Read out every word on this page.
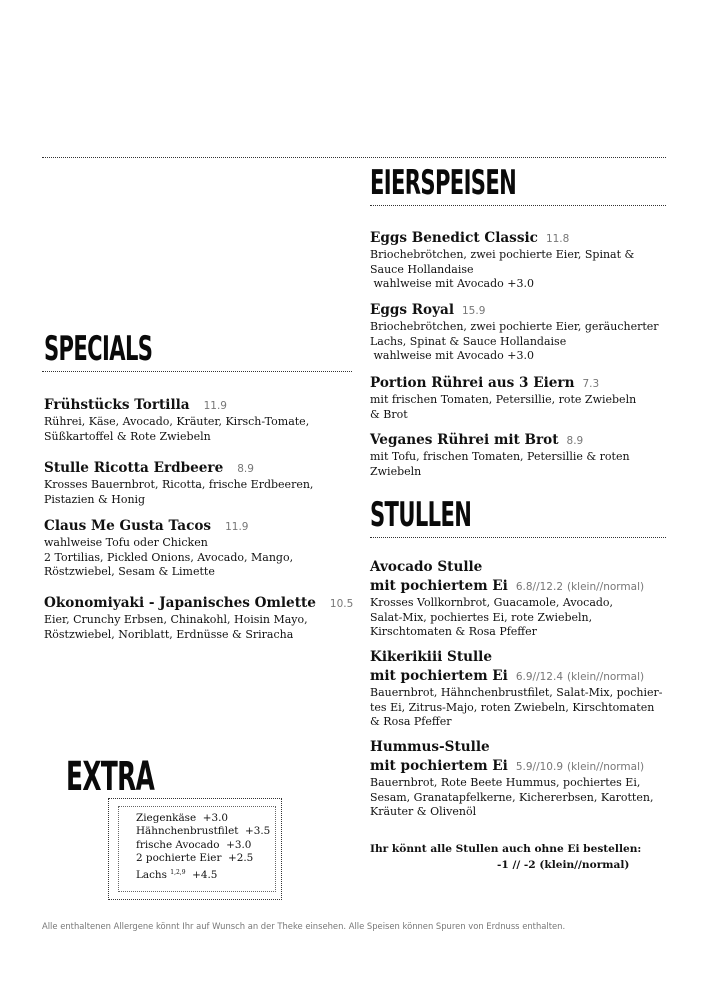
EIERSPEISEN
Eggs Benedict Classic 11.8
Briochebrötchen, zwei pochierte Eier, Spinat &
Sauce Hollandaise
wahlweise mit Avocado +3.0
Eggs Royal 15.9
Briochebrötchen, zwei pochierte Eier, geräucherter
Lachs, Spinat & Sauce Hollandaise
wahlweise mit Avocado +3.0
Portion Rührei aus 3 Eiern 7.3
mit frischen Tomaten, Petersillie, rote Zwiebeln
& Brot
Veganes Rührei mit Brot 8.9
mit Tofu, frischen Tomaten, Petersillie & roten
Zwiebeln
STULLEN
Avocado Stulle
mit pochiertem Ei 6.8//12.2 (klein//normal)
Krosses Vollkornbrot, Guacamole, Avocado,
Salat-Mix, pochiertes Ei, rote Zwiebeln,
Kirschtomaten & Rosa Pfeffer
Kikerikiii Stulle
mit pochiertem Ei 6.9//12.4 (klein//normal)
Bauernbrot, Hähnchenbrustfilet, Salat-Mix, pochier-
tes Ei, Zitrus-Majo, roten Zwiebeln, Kirschtomaten
& Rosa Pfeffer
Hummus-Stulle
mit pochiertem Ei 5.9//10.9 (klein//normal)
Bauernbrot, Rote Beete Hummus, pochiertes Ei,
Sesam, Granatapfelkerne, Kichererbsen, Karotten,
Kräuter & Olivenöl
Ihr könnt alle Stullen auch ohne Ei bestellen:
-1 // -2 (klein//normal)
SPECIALS
Frühstücks Tortilla 11.9
Rührei, Käse, Avocado, Kräuter, Kirsch-Tomate,
Süßkartoffel & Rote Zwiebeln
Stulle Ricotta Erdbeere 8.9
Krosses Bauernbrot, Ricotta, frische Erdbeeren,
Pistazien & Honig
Claus Me Gusta Tacos 11.9
wahlweise Tofu oder Chicken
2 Tortilias, Pickled Onions, Avocado, Mango,
Röstzwiebel, Sesam & Limette
Okonomiyaki - Japanisches Omlette 10.5
Eier, Crunchy Erbsen, Chinakohl, Hoisin Mayo,
Röstzwiebel, Noriblatt, Erdnüsse & Sriracha
EXTRA
Ziegenkäse +3.0
Hähnchenbrustfilet +3.5
frische Avocado +3.0
2 pochierte Eier +2.5
Lachs $^{1,2,9}$ +4.5
Alle enthaltenen Allergene könnt Ihr auf Wunsch an der Theke einsehen. Alle Speisen können Spuren von Erdnuss enthalten.
